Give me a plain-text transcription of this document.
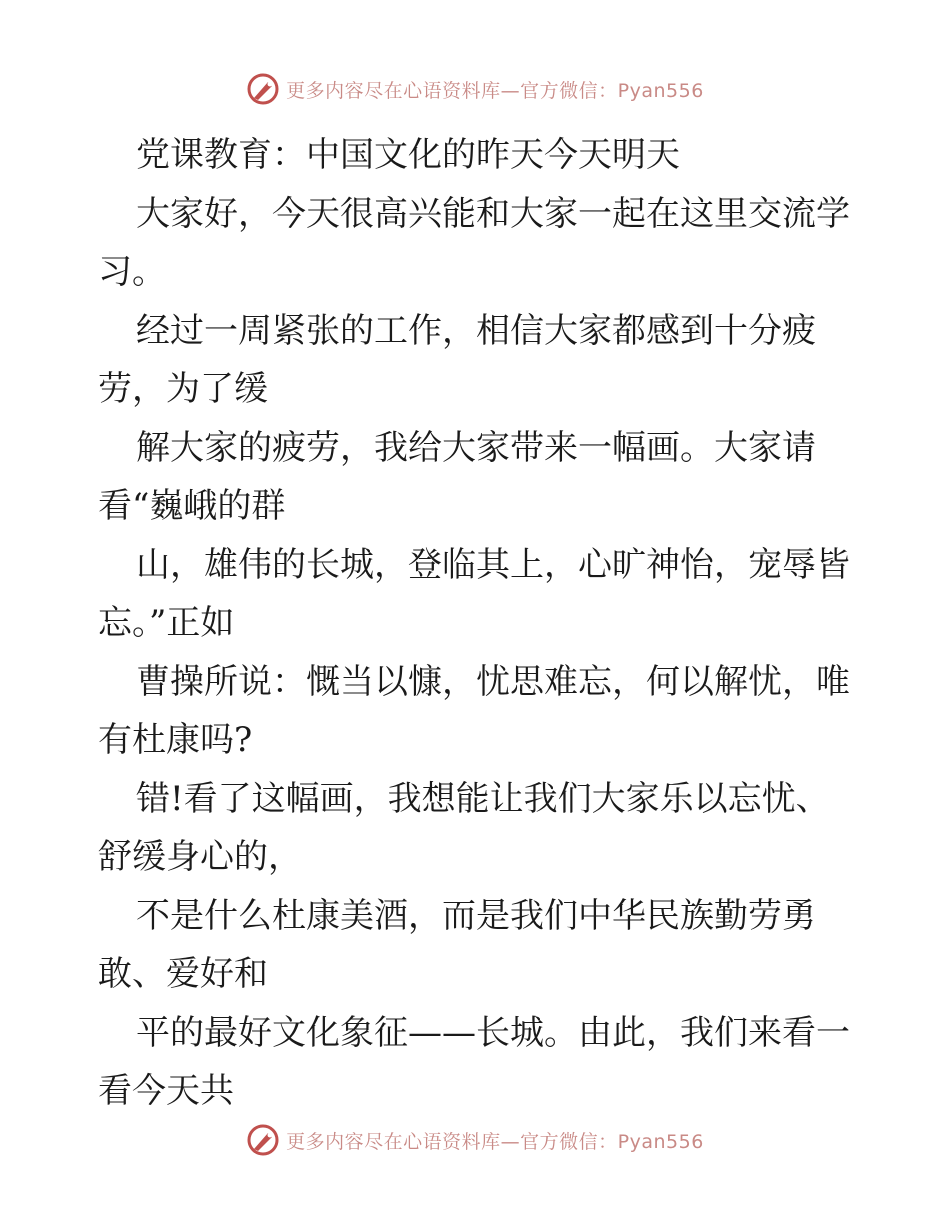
更多内容尽在心语资料库—官方微信：Pyan556
党课教育：中国文化的昨天今天明天
大家好，今天很高兴能和大家一起在这里交流学
习。
经过一周紧张的工作，相信大家都感到十分疲
劳，为了缓
解大家的疲劳，我给大家带来一幅画。大家请
看“巍峨的群
山，雄伟的长城，登临其上，心旷神怡，宠辱皆
忘。”正如
曹操所说：慨当以慷，忧思难忘，何以解忧，唯
有杜康吗?
错!看了这幅画，我想能让我们大家乐以忘忧、
舒缓身心的，
不是什么杜康美酒，而是我们中华民族勤劳勇
敢、爱好和
平的最好文化象征——长城。由此，我们来看一
看今天共
更多内容尽在心语资料库—官方微信：Pyan556
